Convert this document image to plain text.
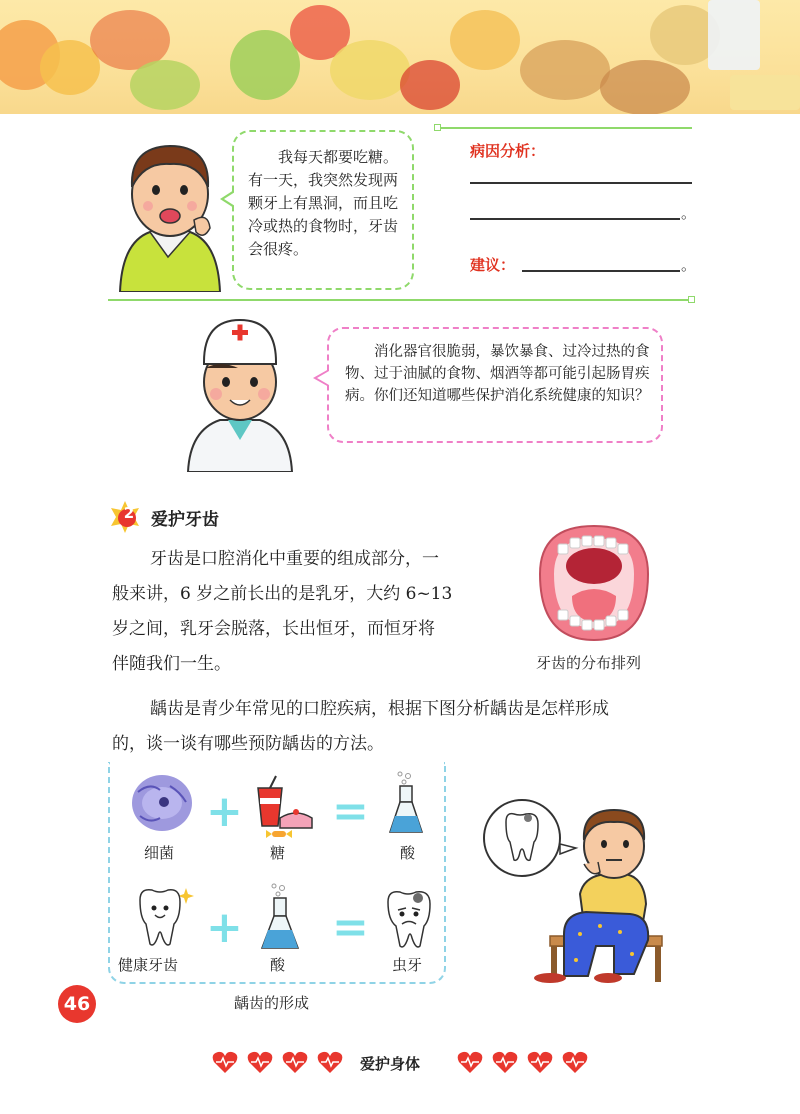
我每天都要吃糖。有一天，我突然发现两颗牙上有黑洞，而且吃冷或热的食物时，牙齿会很疼。

病因分析：
。
建议：	。

消化器官很脆弱，暴饮暴食、过冷过热的食物、过于油腻的食物、烟酒等都可能引起肠胃疾病。你们还知道哪些保护消化系统健康的知识？

2 爱护牙齿
牙齿是口腔消化中重要的组成部分，一
般来讲，6 岁之前长出的是乳牙，大约 6~13
岁之间，乳牙会脱落，长出恒牙，而恒牙将
伴随我们一生。	牙齿的分布排列
龋齿是青少年常见的口腔疾病，根据下图分析龋齿是怎样形成
的，谈一谈有哪些预防龋齿的方法。
+ =
细菌	糖	酸
+ =
健康牙齿	酸	虫牙
龋齿的形成
46
爱护身体
